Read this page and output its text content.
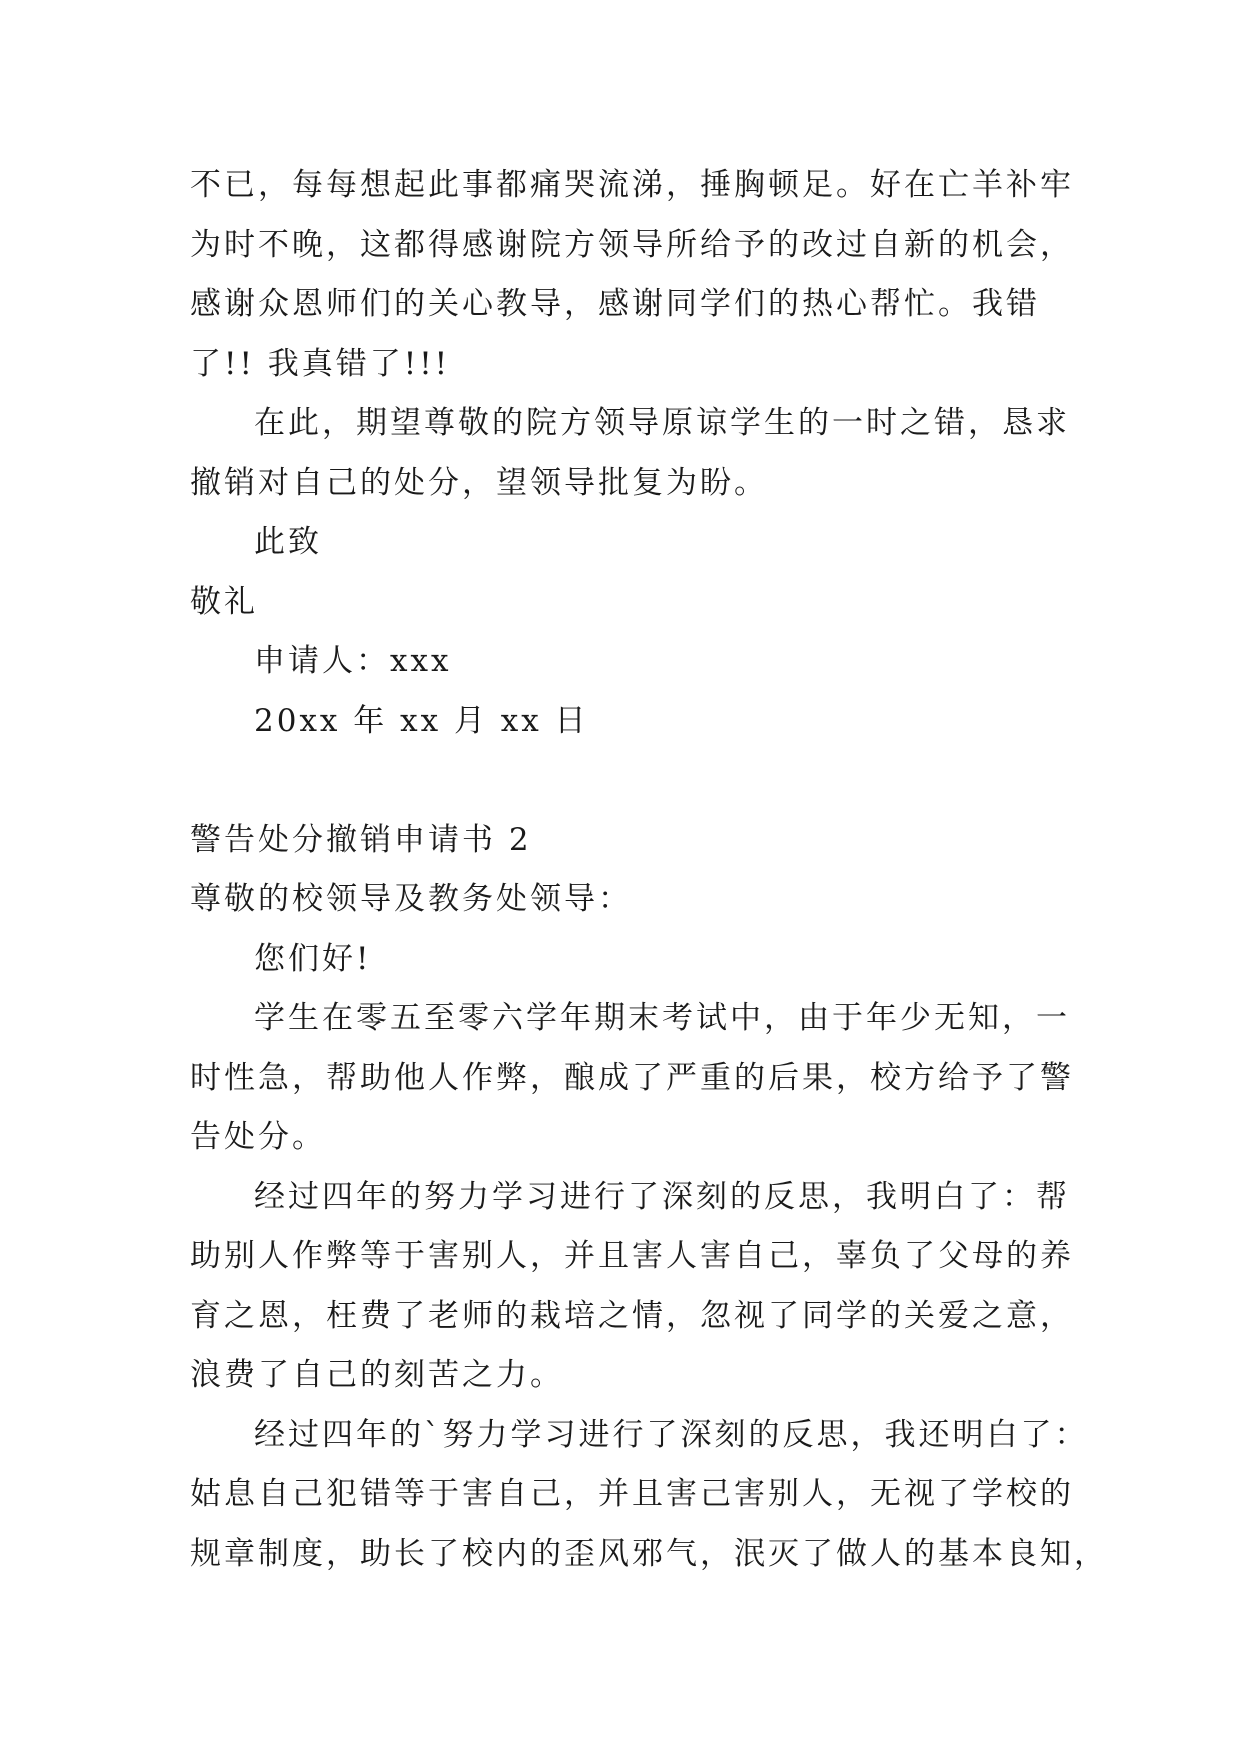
不已，每每想起此事都痛哭流涕，捶胸顿足。好在亡羊补牢
为时不晚，这都得感谢院方领导所给予的改过自新的机会，
感谢众恩师们的关心教导，感谢同学们的热心帮忙。我错
了!! 我真错了!!!
在此，期望尊敬的院方领导原谅学生的一时之错，恳求
撤销对自己的处分，望领导批复为盼。
此致
敬礼
申请人：xxx
20xx 年 xx 月 xx 日
警告处分撤销申请书 2
尊敬的校领导及教务处领导：
您们好!
学生在零五至零六学年期末考试中，由于年少无知，一
时性急，帮助他人作弊，酿成了严重的后果，校方给予了警
告处分。
经过四年的努力学习进行了深刻的反思，我明白了：帮
助别人作弊等于害别人，并且害人害自己，辜负了父母的养
育之恩，枉费了老师的栽培之情，忽视了同学的关爱之意，
浪费了自己的刻苦之力。
经过四年的`努力学习进行了深刻的反思，我还明白了：
姑息自己犯错等于害自己，并且害己害别人，无视了学校的
规章制度，助长了校内的歪风邪气，泯灭了做人的基本良知，
